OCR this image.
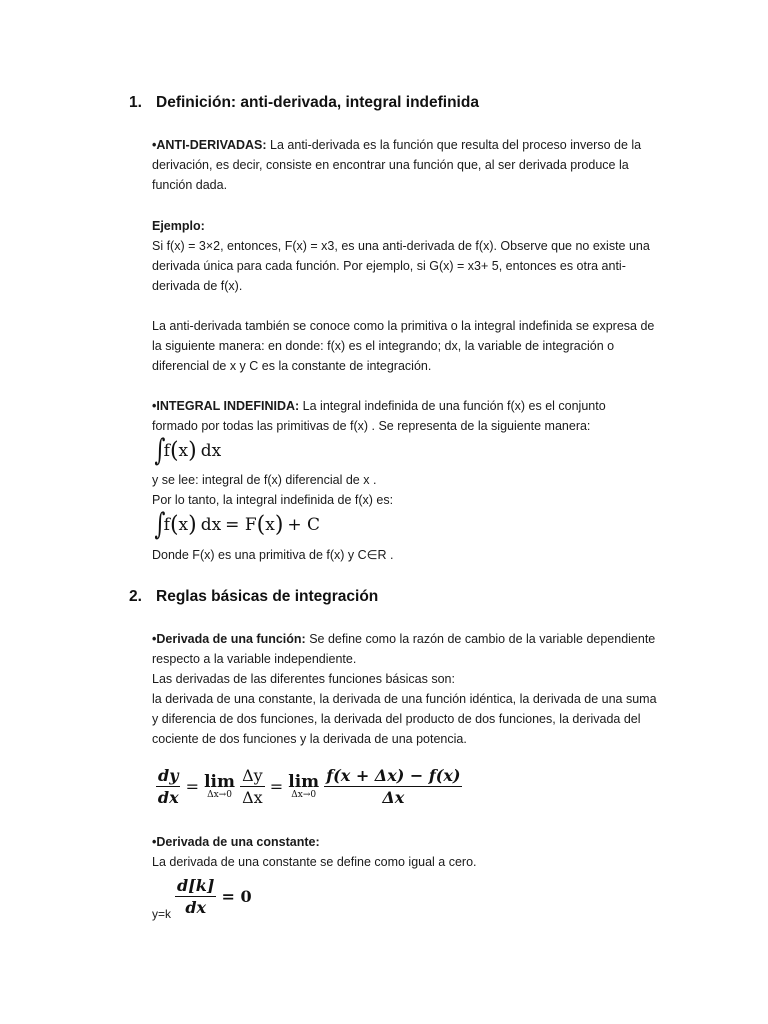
1. Definición: anti-derivada, integral indefinida

•ANTI-DERIVADAS: La anti-derivada es la función que resulta del proceso inverso de la

derivación, es decir, consiste en encontrar una función que, al ser derivada produce la

función dada.

Ejemplo:

Si f(x) = 3×2, entonces, F(x) = x3, es una anti-derivada de f(x). Observe que no existe una

derivada única para cada función. Por ejemplo, si G(x) = x3+ 5, entonces es otra anti-

derivada de f(x).

La anti-derivada también se conoce como la primitiva o la integral indefinida se expresa de

la siguiente manera: en donde: f(x) es el integrando; dx, la variable de integración o

diferencial de x y C es la constante de integración.

•INTEGRAL INDEFINIDA: La integral indefinida de una función f(x) es el conjunto

formado por todas las primitivas de f(x) . Se representa de la siguiente manera:

∫f(x) dx

y se lee: integral de f(x) diferencial de x .

Por lo tanto, la integral indefinida de f(x) es:

∫f(x) dx = F(x) + C

Donde F(x) es una primitiva de f(x) y C∈R .

2. Reglas básicas de integración

•Derivada de una función: Se define como la razón de cambio de la variable dependiente

respecto a la variable independiente.

Las derivadas de las diferentes funciones básicas son:

la derivada de una constante, la derivada de una función idéntica, la derivada de una suma

y diferencia de dos funciones, la derivada del producto de dos funciones, la derivada del

cociente de dos funciones y la derivada de una potencia.

$\frac{dy}{dx} = \lim$
Δx→0
$\frac{\Delta y}{\Delta x} = \lim$
Δx→0
$\frac{f(x + \Delta x) - f(x)}{\Delta x}$

•Derivada de una constante:

La derivada de una constante se define como igual a cero.

$y=k \frac{d[k]}{dx} = 0$
